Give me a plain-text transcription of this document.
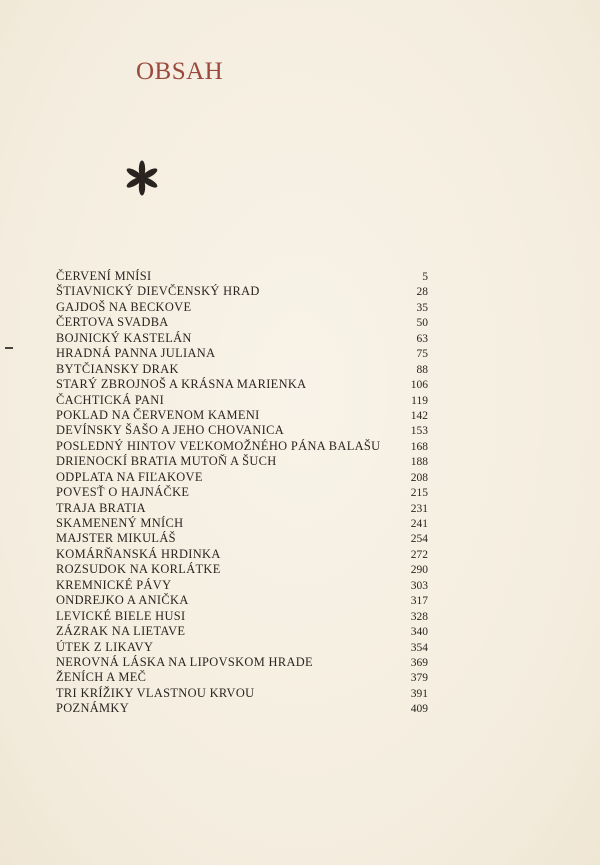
OBSAH
ČERVENÍ MNÍSI	5
ŠTIAVNICKÝ DIEVČENSKÝ HRAD	28
GAJDOŠ NA BECKOVE	35
ČERTOVA SVADBA	50
BOJNICKÝ KASTELÁN	63
HRADNÁ PANNA JULIANA	75
BYTČIANSKY DRAK	88
STARÝ ZBROJNOŠ A KRÁSNA MARIENKA	106
ČACHTICKÁ PANI	119
POKLAD NA ČERVENOM KAMENI	142
DEVÍNSKY ŠAŠO A JEHO CHOVANICA	153
POSLEDNÝ HINTOV VEĽKOMOŽNÉHO PÁNA BALAŠU	168
DRIENOCKÍ BRATIA MUTOŇ A ŠUCH	188
ODPLATA NA FIĽAKOVE	208
POVESŤ O HAJNÁČKE	215
TRAJA BRATIA	231
SKAMENENÝ MNÍCH	241
MAJSTER MIKULÁŠ	254
KOMÁRŇANSKÁ HRDINKA	272
ROZSUDOK NA KORLÁTKE	290
KREMNICKÉ PÁVY	303
ONDREJKO A ANIČKA	317
LEVICKÉ BIELE HUSI	328
ZÁZRAK NA LIETAVE	340
ÚTEK Z LIKAVY	354
NEROVNÁ LÁSKA NA LIPOVSKOM HRADE	369
ŽENÍCH A MEČ	379
TRI KRÍŽIKY VLASTNOU KRVOU	391
POZNÁMKY	409
